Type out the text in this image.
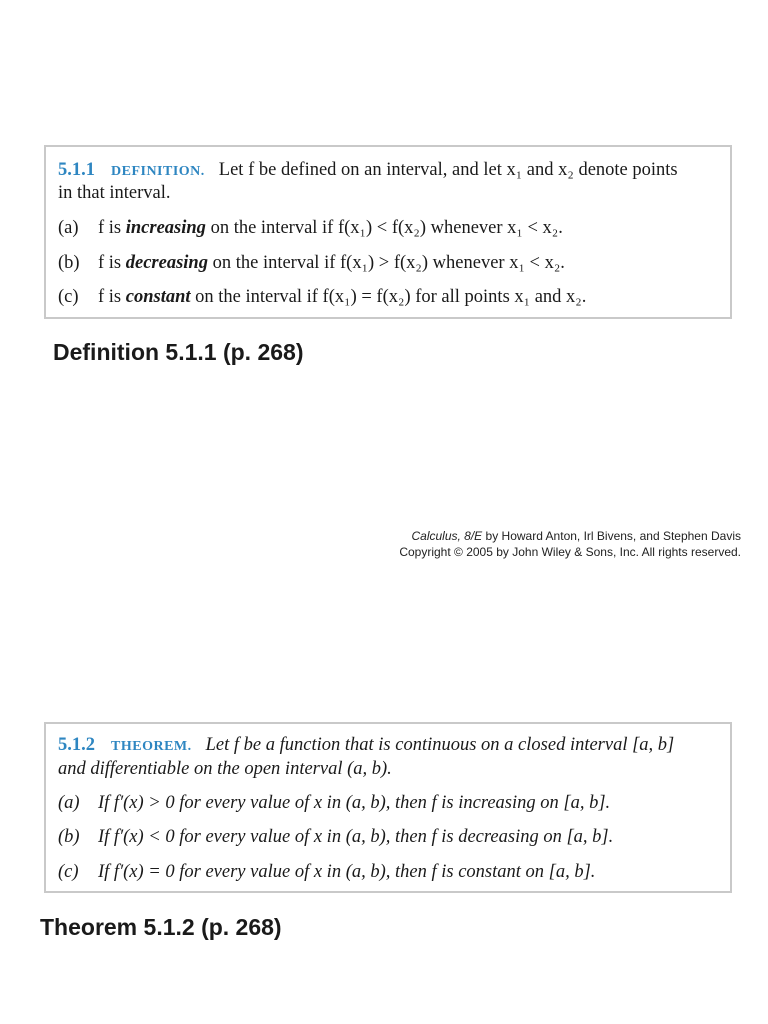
5.1.1 DEFINITION. Let f be defined on an interval, and let x₁ and x₂ denote points
in that interval.
(a) f is increasing on the interval if f(x₁) < f(x₂) whenever x₁ < x₂.
(b) f is decreasing on the interval if f(x₁) > f(x₂) whenever x₁ < x₂.
(c) f is constant on the interval if f(x₁) = f(x₂) for all points x₁ and x₂.
Definition 5.1.1 (p. 268)
Calculus, 8/E by Howard Anton, Irl Bivens, and Stephen Davis
Copyright © 2005 by John Wiley & Sons, Inc. All rights reserved.
5.1.2 THEOREM. Let f be a function that is continuous on a closed interval [a, b]
and differentiable on the open interval (a, b).
(a) If f′(x) > 0 for every value of x in (a, b), then f is increasing on [a, b].
(b) If f′(x) < 0 for every value of x in (a, b), then f is decreasing on [a, b].
(c) If f′(x) = 0 for every value of x in (a, b), then f is constant on [a, b].
Theorem 5.1.2 (p. 268)
